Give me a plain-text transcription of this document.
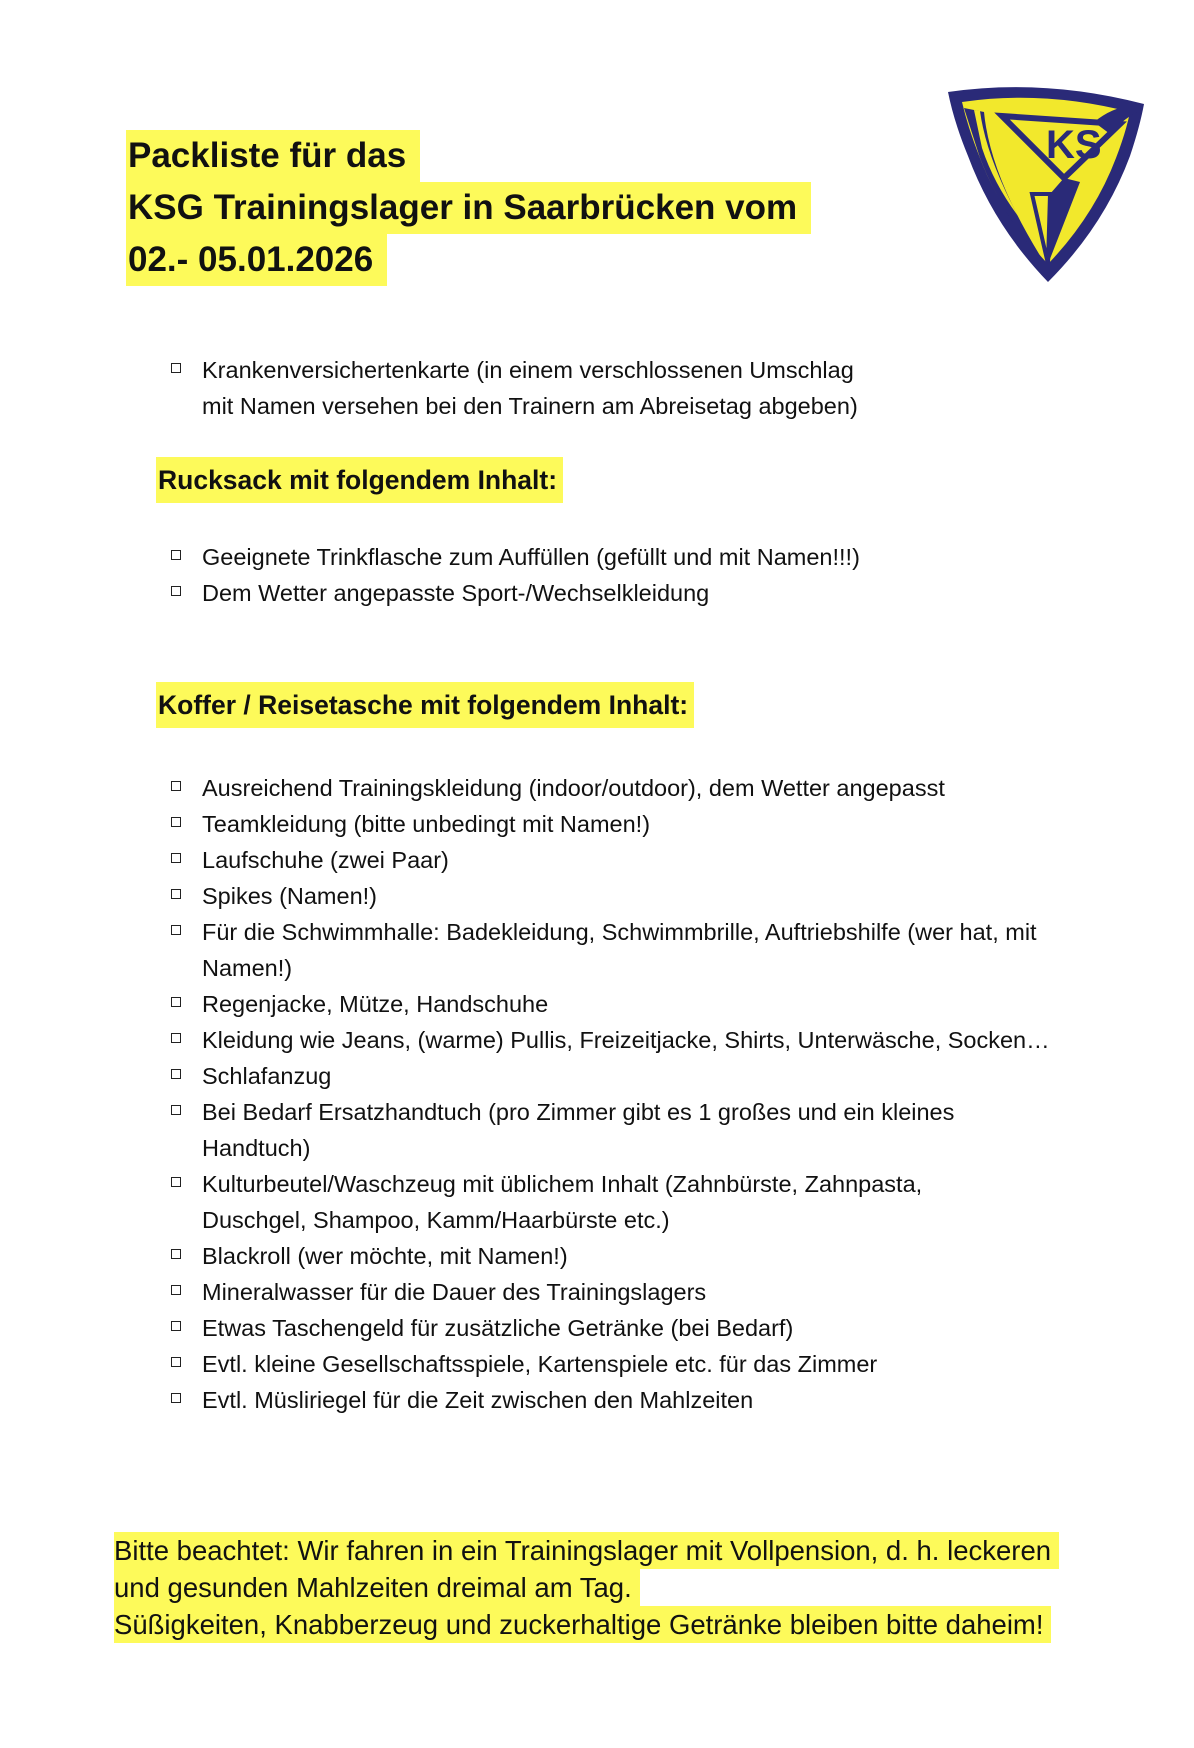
Packliste für das
KSG Trainingslager in Saarbrücken vom
02.- 05.01.2026
KS
Krankenversichertenkarte (in einem verschlossenen Umschlag
mit Namen versehen bei den Trainern am Abreisetag abgeben)
Rucksack mit folgendem Inhalt:
Geeignete Trinkflasche zum Auffüllen (gefüllt und mit Namen!!!)
Dem Wetter angepasste Sport-/Wechselkleidung
Koffer / Reisetasche mit folgendem Inhalt:
Ausreichend Trainingskleidung (indoor/outdoor), dem Wetter angepasst
Teamkleidung (bitte unbedingt mit Namen!)
Laufschuhe (zwei Paar)
Spikes (Namen!)
Für die Schwimmhalle: Badekleidung, Schwimmbrille, Auftriebshilfe (wer hat, mit
Namen!)
Regenjacke, Mütze, Handschuhe
Kleidung wie Jeans, (warme) Pullis, Freizeitjacke, Shirts, Unterwäsche, Socken…
Schlafanzug
Bei Bedarf Ersatzhandtuch (pro Zimmer gibt es 1 großes und ein kleines
Handtuch)
Kulturbeutel/Waschzeug mit üblichem Inhalt (Zahnbürste, Zahnpasta,
Duschgel, Shampoo, Kamm/Haarbürste etc.)
Blackroll (wer möchte, mit Namen!)
Mineralwasser für die Dauer des Trainingslagers
Etwas Taschengeld für zusätzliche Getränke (bei Bedarf)
Evtl. kleine Gesellschaftsspiele, Kartenspiele etc. für das Zimmer
Evtl. Müsliriegel für die Zeit zwischen den Mahlzeiten
Bitte beachtet: Wir fahren in ein Trainingslager mit Vollpension, d. h. leckeren
und gesunden Mahlzeiten dreimal am Tag.
Süßigkeiten, Knabberzeug und zuckerhaltige Getränke bleiben bitte daheim!
